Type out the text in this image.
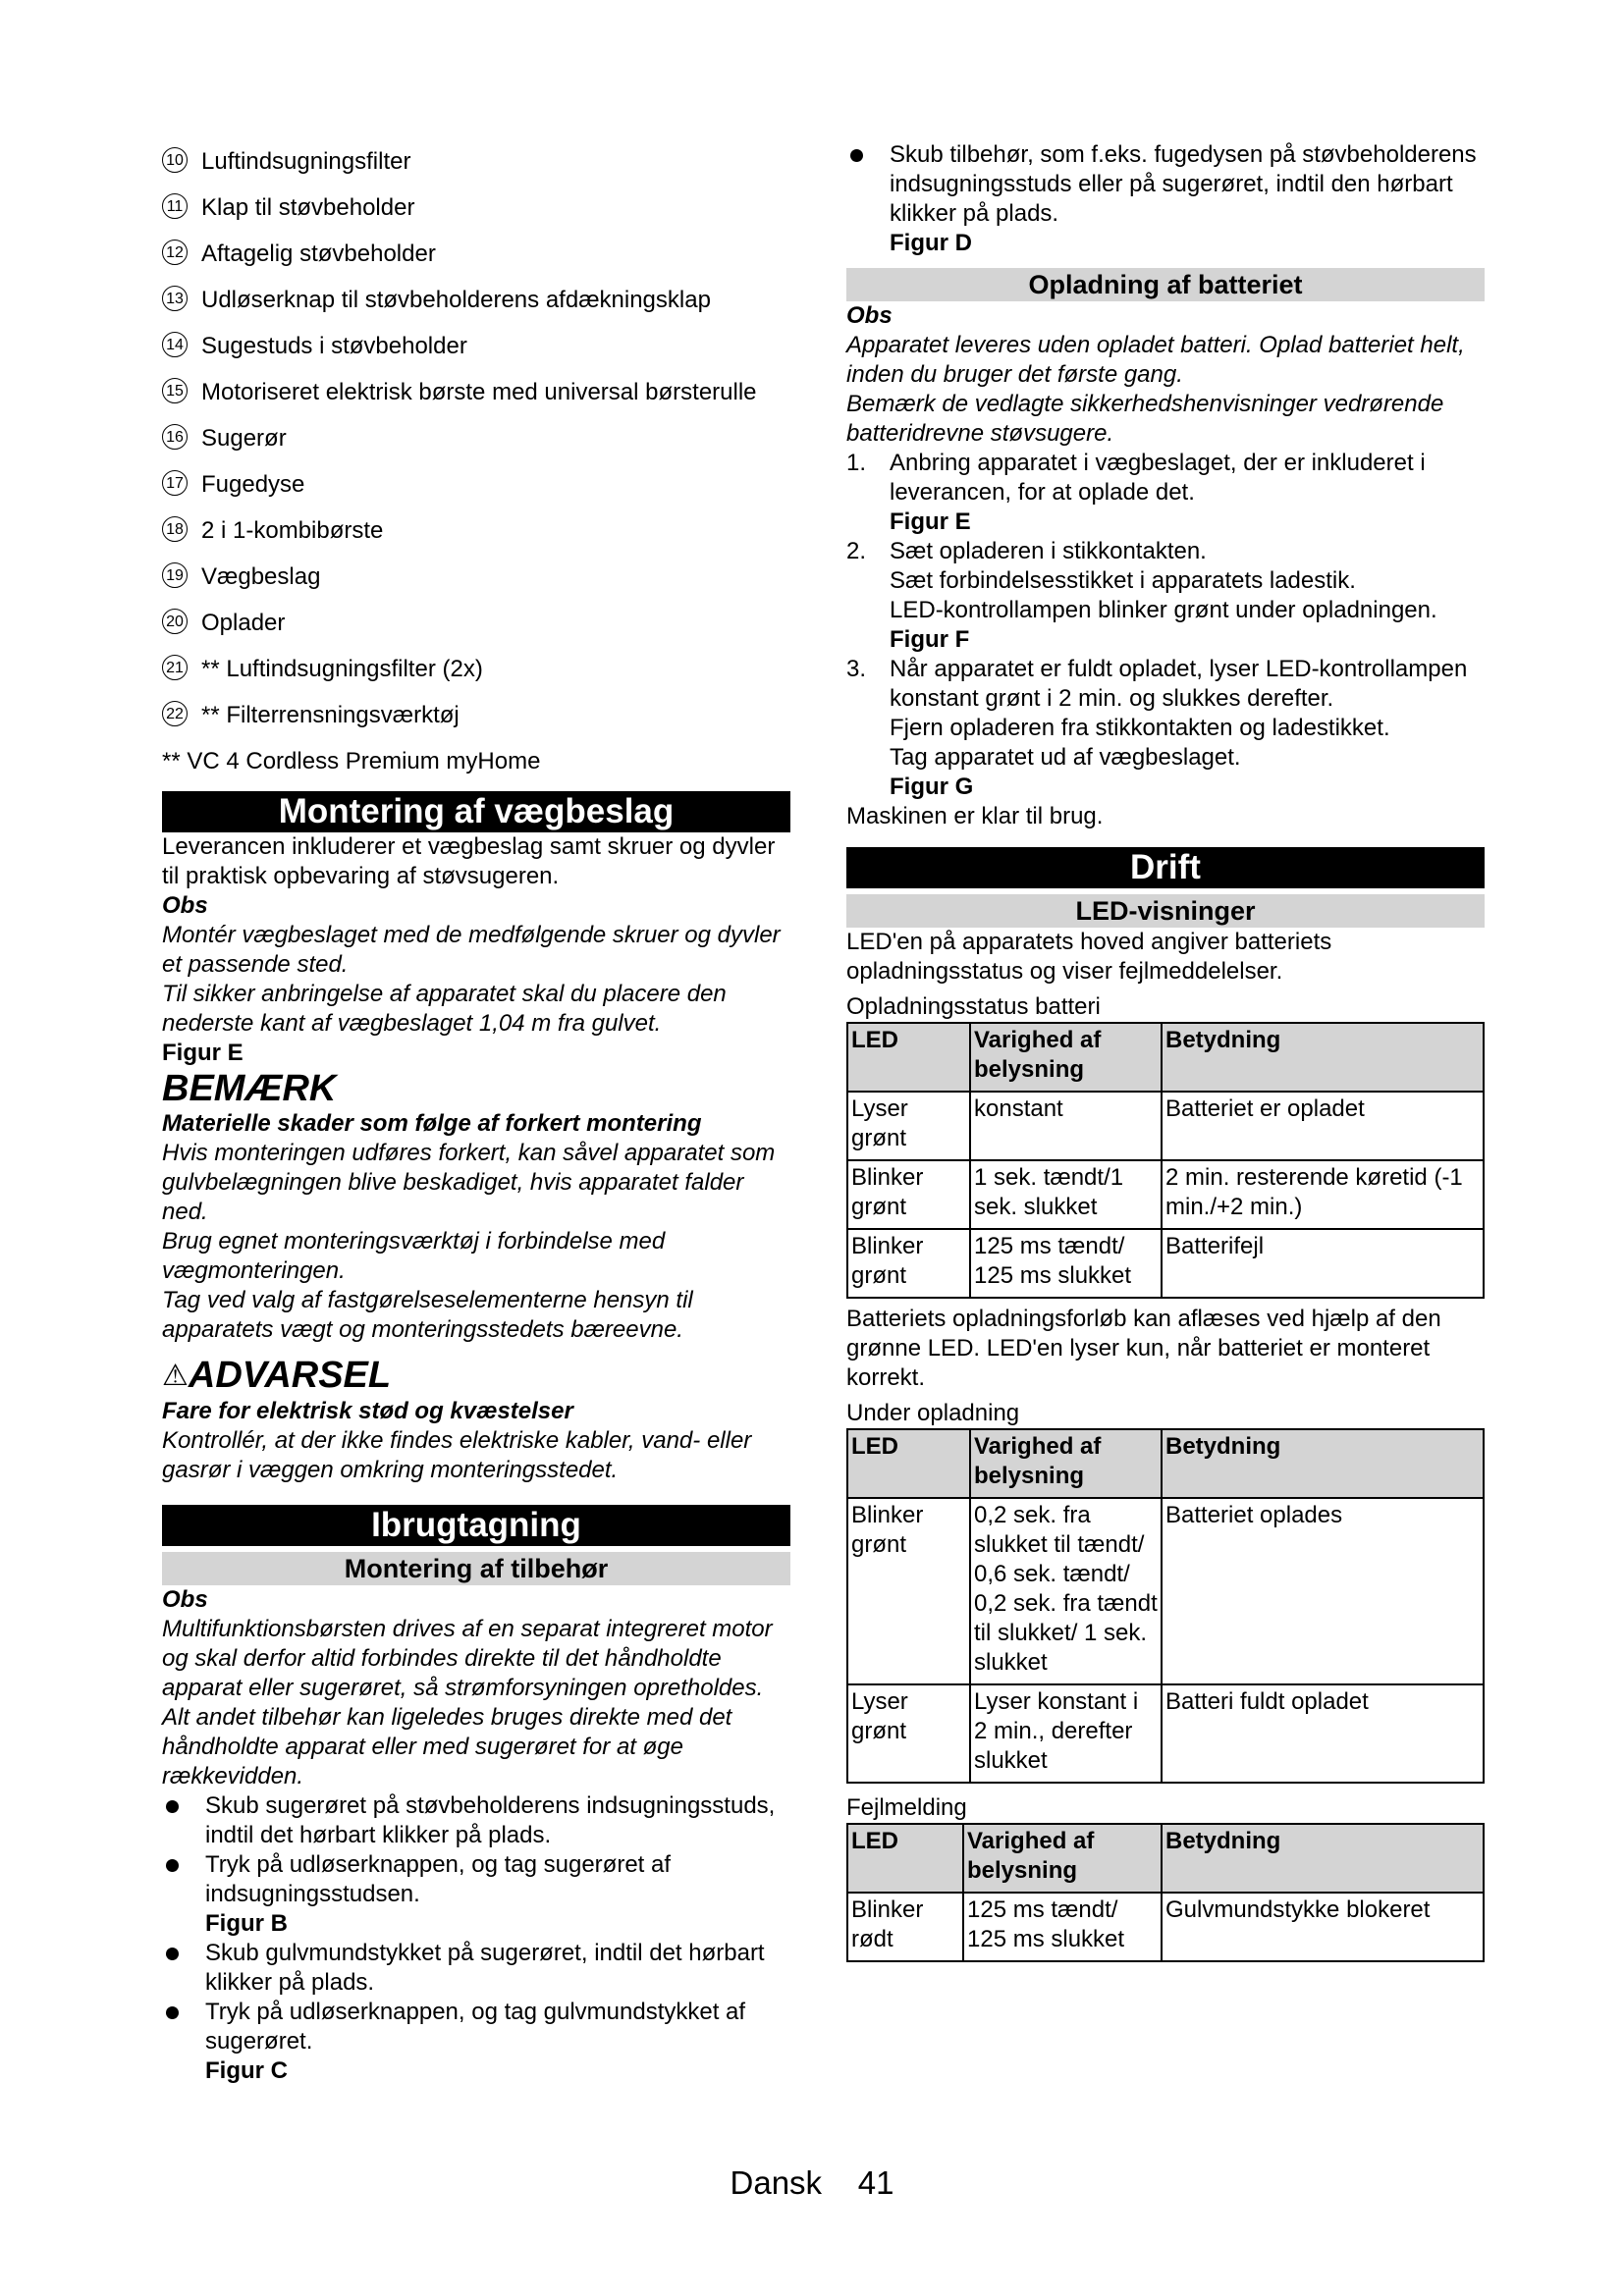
10 Luftindsugningsfilter
11 Klap til støvbeholder
12 Aftagelig støvbeholder
13 Udløserknap til støvbeholderens afdækningsklap
14 Sugestuds i støvbeholder
15 Motoriseret elektrisk børste med universal børsterulle
16 Sugerør
17 Fugedyse
18 2 i 1-kombibørste
19 Vægbeslag
20 Oplader
21 ** Luftindsugningsfilter (2x)
22 ** Filterrensningsværktøj

** VC 4 Cordless Premium myHome

Montering af vægbeslag

Leverancen inkluderer et vægbeslag samt skruer og dyvler til praktisk opbevaring af støvsugeren.

Obs

Montér vægbeslaget med de medfølgende skruer og dyvler et passende sted.

Til sikker anbringelse af apparatet skal du placere den nederste kant af vægbeslaget 1,04 m fra gulvet.

Figur E

BEMÆRK

Materielle skader som følge af forkert montering

Hvis monteringen udføres forkert, kan såvel apparatet som gulvbelægningen blive beskadiget, hvis apparatet falder ned.

Brug egnet monteringsværktøj i forbindelse med vægmonteringen.

Tag ved valg af fastgørelseselementerne hensyn til apparatets vægt og monteringsstedets bæreevne.

⚠ADVARSEL

Fare for elektrisk stød og kvæstelser

Kontrollér, at der ikke findes elektriske kabler, vand- eller gasrør i væggen omkring monteringsstedet.

Ibrugtagning
Montering af tilbehør

Obs

Multifunktionsbørsten drives af en separat integreret motor og skal derfor altid forbindes direkte til det håndholdte apparat eller sugerøret, så strømforsyningen opretholdes.

Alt andet tilbehør kan ligeledes bruges direkte med det håndholdte apparat eller med sugerøret for at øge rækkevidden.

Skub sugerøret på støvbeholderens indsugningsstuds, indtil det hørbart klikker på plads.
Tryk på udløserknappen, og tag sugerøret af indsugningsstudsen.

Figur B

Skub gulvmundstykket på sugerøret, indtil det hørbart klikker på plads.
Tryk på udløserknappen, og tag gulvmundstykket af sugerøret.

Figur C

Skub tilbehør, som f.eks. fugedysen på støvbeholderens indsugningsstuds eller på sugerøret, indtil den hørbart klikker på plads.

Figur D

Opladning af batteriet

Obs

Apparatet leveres uden opladet batteri. Oplad batteriet helt, inden du bruger det første gang.

Bemærk de vedlagte sikkerhedshenvisninger vedrørende batteridrevne støvsugere.

1. Anbring apparatet i vægbeslaget, der er inkluderet i leverancen, for at oplade det.

Figur E

2. Sæt opladeren i stikkontakten.

Sæt forbindelsesstikket i apparatets ladestik.

LED-kontrollampen blinker grønt under opladningen.

Figur F

3. Når apparatet er fuldt opladet, lyser LED-kontrollampen konstant grønt i 2 min. og slukkes derefter.

Fjern opladeren fra stikkontakten og ladestikket.

Tag apparatet ud af vægbeslaget.

Figur G

Maskinen er klar til brug.

Drift
LED-visninger

LED'en på apparatets hoved angiver batteriets opladningsstatus og viser fejlmeddelelser.

Opladningsstatus batteri

LED	Varighed af belysning	Betydning
Lyser grønt	konstant	Batteriet er opladet
Blinker grønt	1 sek. tændt/1 sek. slukket	2 min. resterende køretid (-1 min./+2 min.)
Blinker grønt	125 ms tændt/ 125 ms slukket	Batterifejl

Batteriets opladningsforløb kan aflæses ved hjælp af den grønne LED. LED'en lyser kun, når batteriet er monteret korrekt.

Under opladning

LED	Varighed af belysning	Betydning
Blinker grønt	0,2 sek. fra slukket til tændt/ 0,6 sek. tændt/ 0,2 sek. fra tændt til slukket/ 1 sek. slukket	Batteriet oplades
Lyser grønt	Lyser konstant i 2 min., derefter slukket	Batteri fuldt opladet

Fejlmelding

LED	Varighed af belysning	Betydning
Blinker rødt	125 ms tændt/ 125 ms slukket	Gulvmundstykke blokeret
Dansk 41
